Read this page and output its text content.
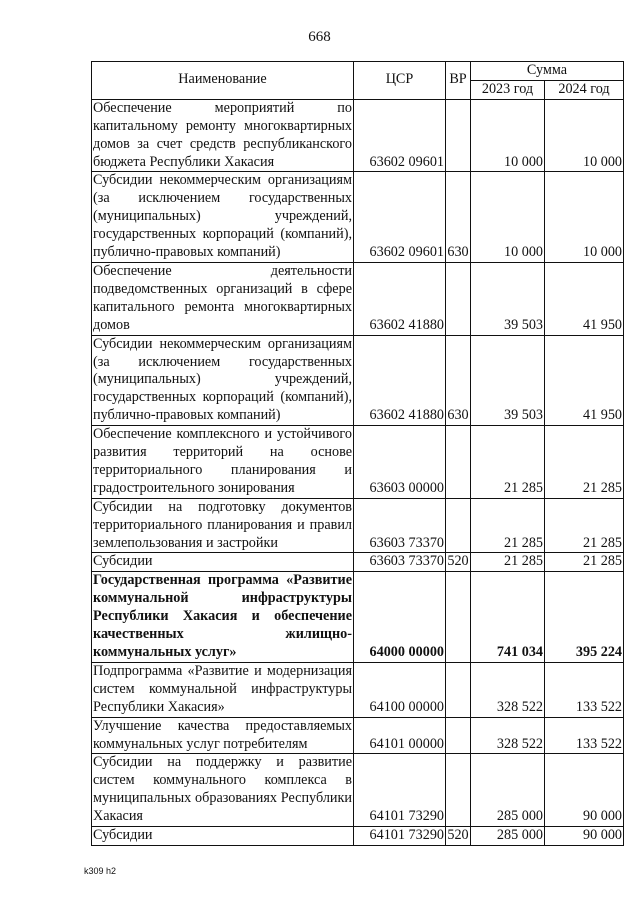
668
Наименование	ЦСР	ВР	Сумма	
			2023 год	2024 год
Обеспечение мероприятий по капитальному ремонту многоквартирных домов за счет средств республиканского бюджета Республики Хакасия	63602 09601		10 000	10 000
Субсидии некоммерческим организациям (за исключением государственных (муниципальных) учреждений, государственных корпораций (компаний), публично-правовых компаний)	63602 09601	630	10 000	10 000
Обеспечение деятельности подведомственных организаций в сфере капитального ремонта многоквартирных домов	63602 41880		39 503	41 950
Субсидии некоммерческим организациям (за исключением государственных (муниципальных) учреждений, государственных корпораций (компаний), публично-правовых компаний)	63602 41880	630	39 503	41 950
Обеспечение комплексного и устойчивого развития территорий на основе территориального планирования и градостроительного зонирования	63603 00000		21 285	21 285
Субсидии на подготовку документов территориального планирования и правил землепользования и застройки	63603 73370		21 285	21 285
Субсидии	63603 73370	520	21 285	21 285
Государственная программа «Развитие коммунальной инфраструктуры Республики Хакасия и обеспечение качественных жилищно-коммунальных услуг»	64000 00000		741 034	395 224
Подпрограмма «Развитие и модернизация систем коммунальной инфраструктуры Республики Хакасия»	64100 00000		328 522	133 522
Улучшение качества предоставляемых коммунальных услуг потребителям	64101 00000		328 522	133 522
Субсидии на поддержку и развитие систем коммунального комплекса в муниципальных образованиях Республики Хакасия	64101 73290		285 000	90 000
Субсидии	64101 73290	520	285 000	90 000
k309 h2
